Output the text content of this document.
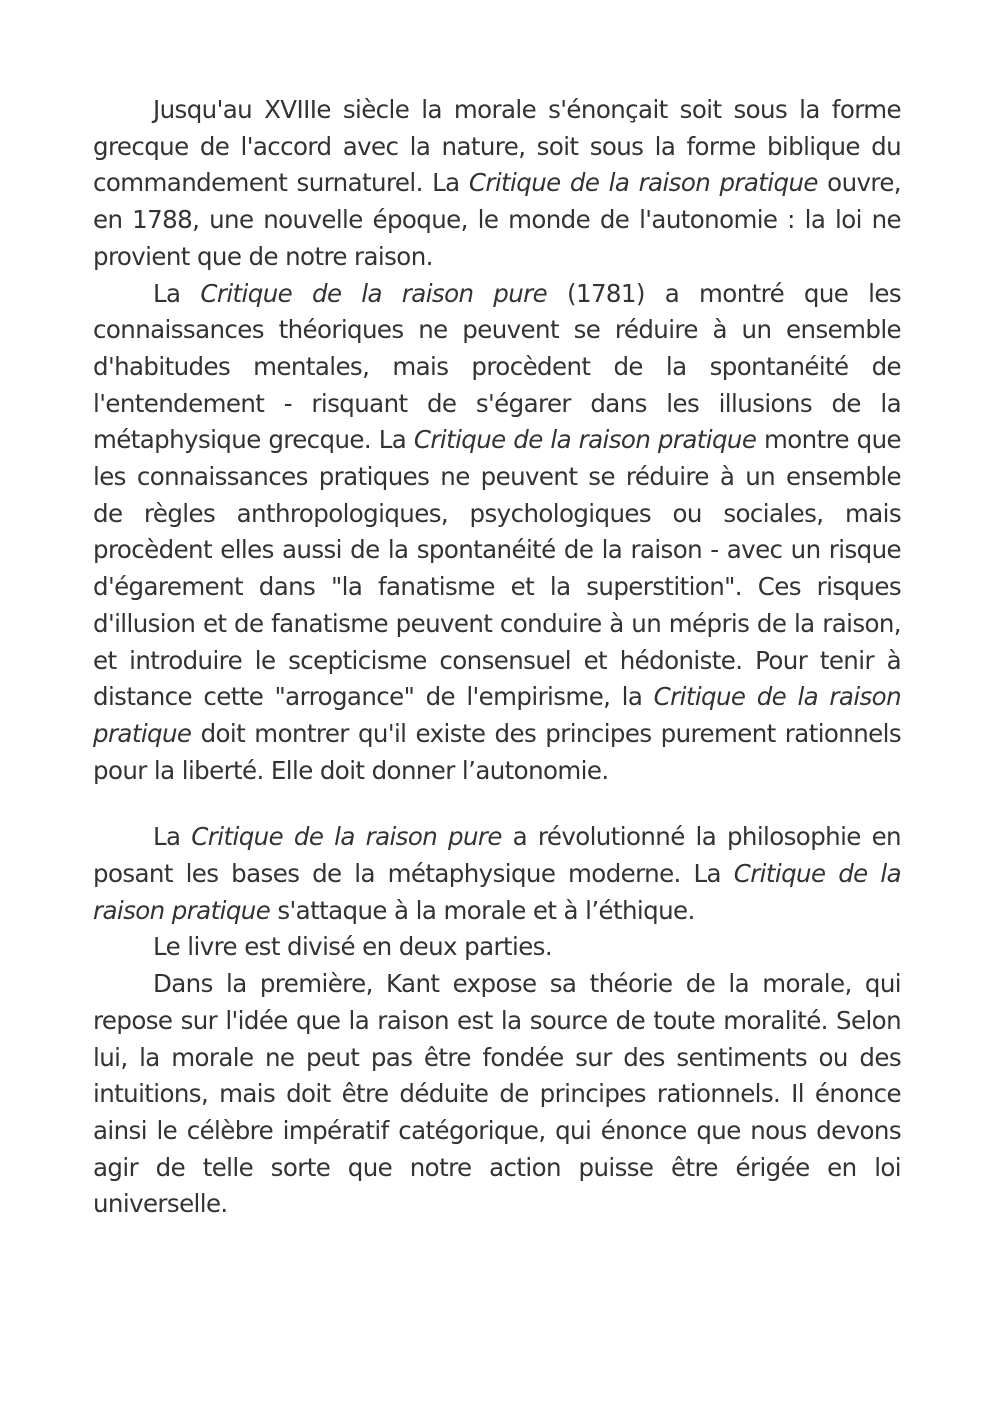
Jusqu'au XVIIIe siècle la morale s'énonçait soit sous la forme grecque de l'accord avec la nature, soit sous la forme biblique du commandement surnaturel. La Critique de la raison pratique ouvre, en 1788, une nouvelle époque, le monde de l'autonomie : la loi ne provient que de notre raison.

La Critique de la raison pure (1781) a montré que les connaissances théoriques ne peuvent se réduire à un ensemble d'habitudes mentales, mais procèdent de la spontanéité de l'entendement - risquant de s'égarer dans les illusions de la métaphysique grecque. La Critique de la raison pratique montre que les connaissances pratiques ne peuvent se réduire à un ensemble de règles anthropologiques, psychologiques ou sociales, mais procèdent elles aussi de la spontanéité de la raison - avec un risque d'égarement dans "la fanatisme et la superstition". Ces risques d'illusion et de fanatisme peuvent conduire à un mépris de la raison, et introduire le scepticisme consensuel et hédoniste. Pour tenir à distance cette "arrogance" de l'empirisme, la Critique de la raison pratique doit montrer qu'il existe des principes purement rationnels pour la liberté. Elle doit donner l’autonomie.

La Critique de la raison pure a révolutionné la philosophie en posant les bases de la métaphysique moderne. La Critique de la raison pratique s'attaque à la morale et à l’éthique.

Le livre est divisé en deux parties.

Dans la première, Kant expose sa théorie de la morale, qui repose sur l'idée que la raison est la source de toute moralité. Selon lui, la morale ne peut pas être fondée sur des sentiments ou des intuitions, mais doit être déduite de principes rationnels. Il énonce ainsi le célèbre impératif catégorique, qui énonce que nous devons agir de telle sorte que notre action puisse être érigée en loi universelle.
